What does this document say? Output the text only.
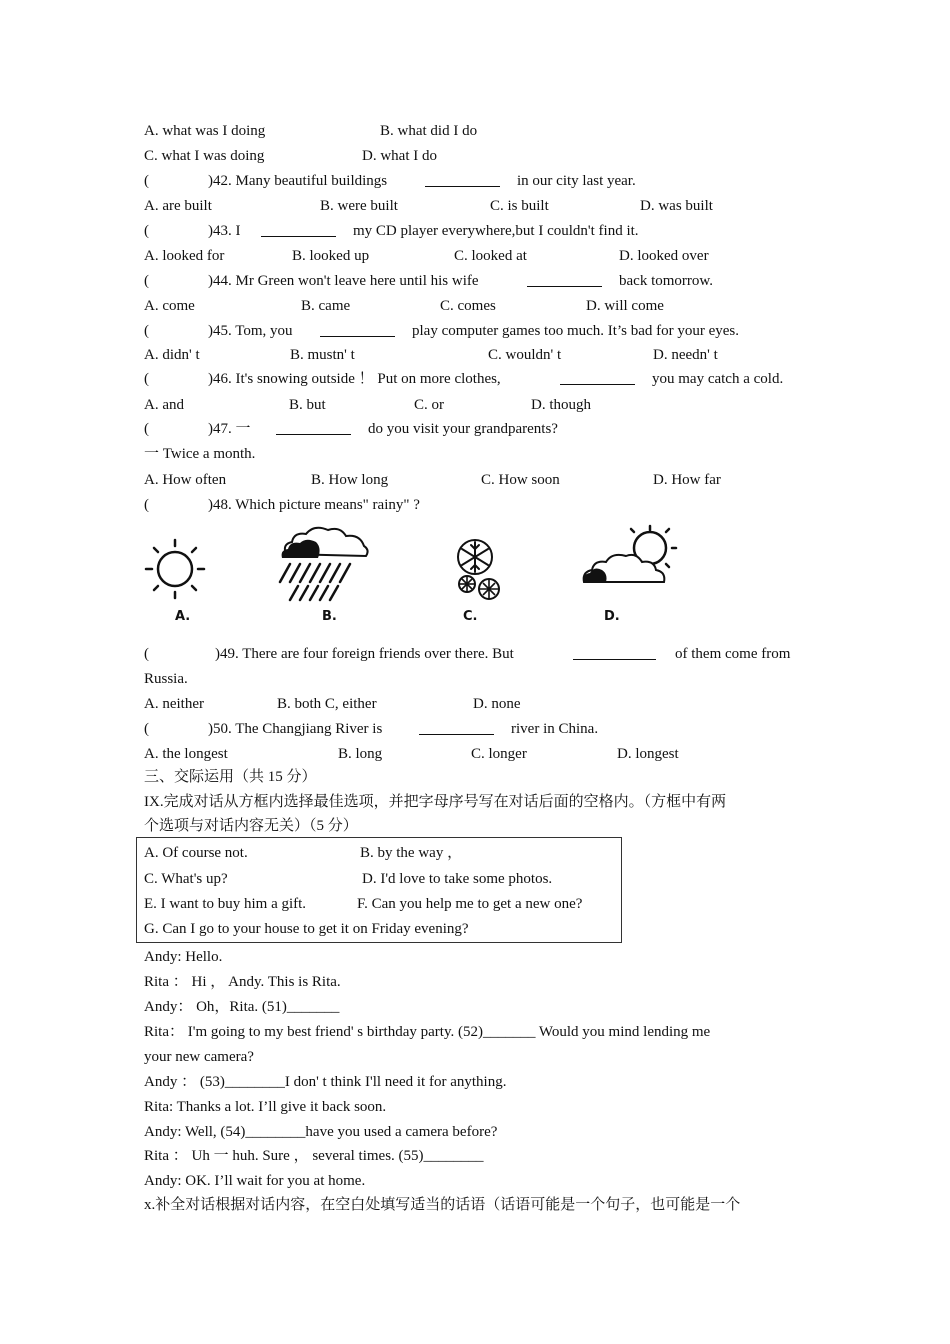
A. what was I doing	B. what did I do
C. what I was doing	D. what I do
(	)42. Many beautiful buildings	in our city last year.
A. are built	B. were built	C. is built	D. was built
(	)43. I	my CD player everywhere,but I couldn't find it.
A. looked for	B. looked up	C. looked at	D. looked over
(	)44. Mr Green won't leave here until his wife	back tomorrow.
A. come	B. came	C. comes	D. will come
(	)45. Tom, you	play computer games too much. It’s bad for your eyes.
A. didn' t	B. mustn' t	C. wouldn' t	D. needn' t
(	)46. It's snowing outside ！ Put on more clothes,	you may catch a cold.
A. and	B. but	C. or	D. though
(	)47. 一	do you visit your grandparents?
一 Twice a month.
A. How often	B. How long	C. How soon	D. How far
(	)48. Which picture means" rainy" ?
A.	B.	C.	D.
(	)49. There are four foreign friends over there. But	of them come from
Russia.
A. neither	B. both C, either	D. none
(	)50. The Changjiang River is	river in China.
A. the longest	B. long	C. longer	D. longest
三、交际运用（共 15 分）
IX.完成对话从方框内选择最佳选项，并把字母序号写在对话后面的空格内。（方框中有两
个选项与对话内容无关）（5 分）
A. Of course not.	B. by the way ，
C. What's up?	D. I'd love to take some photos.
E. I want to buy him a gift.	F. Can you help me to get a new one?
G. Can I go to your house to get it on Friday evening?
Andy: Hello.
Rita ： Hi ， Andy. This is Rita.
Andy： Oh，Rita. (51)_______
Rita： I'm going to my best friend' s birthday party. (52)_______ Would you mind lending me
your new camera?
Andy ： (53)________I don' t think I'll need it for anything.
Rita: Thanks a lot. I’ll give it back soon.
Andy: Well, (54)________have you used a camera before?
Rita ： Uh 一 huh. Sure ， several times. (55)________
Andy: OK. I’ll wait for you at home.
x.补全对话根据对话内容，在空白处填写适当的话语（话语可能是一个句子，也可能是一个
